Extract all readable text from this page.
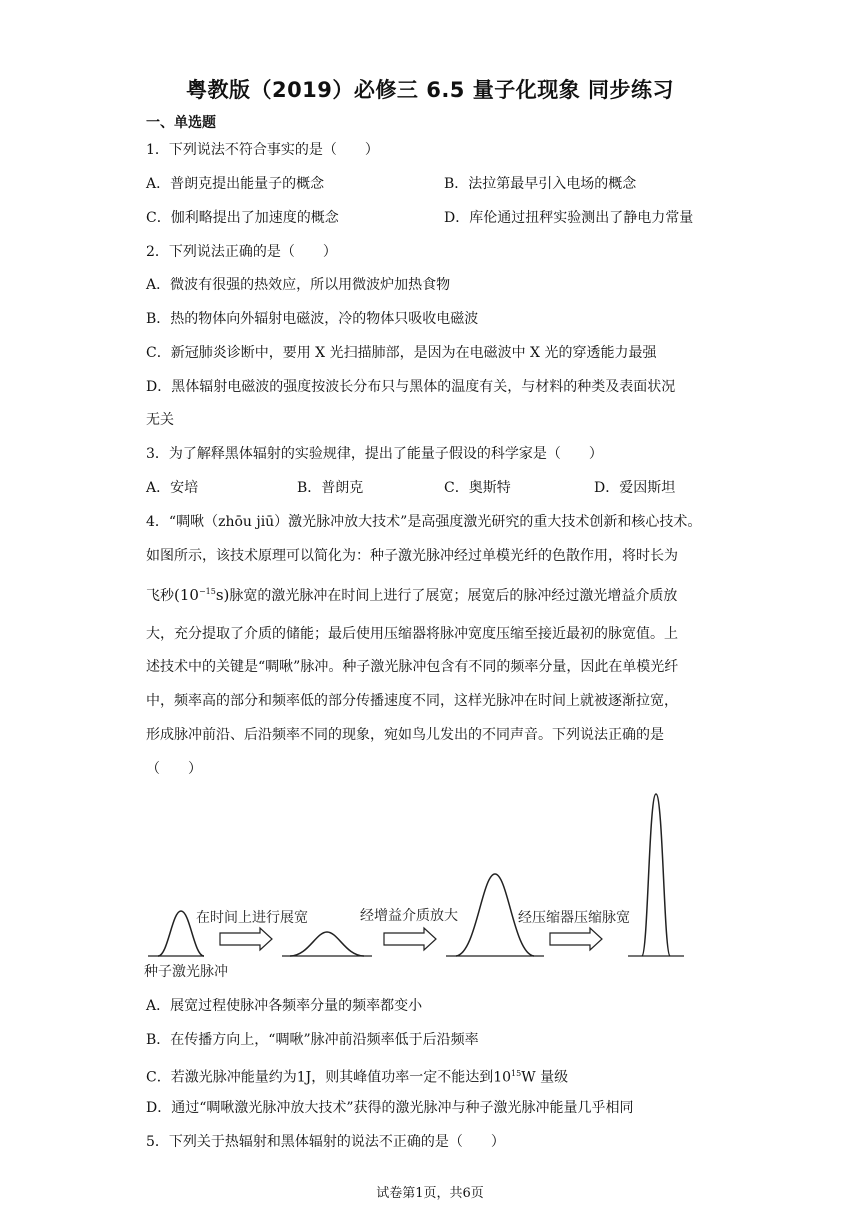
粤教版（2019）必修三 6.5 量子化现象 同步练习
一、单选题
1．下列说法不符合事实的是（　　）
A．普朗克提出能量子的概念	B．法拉第最早引入电场的概念
C．伽利略提出了加速度的概念	D．库伦通过扭秤实验测出了静电力常量
2．下列说法正确的是（　　）
A．微波有很强的热效应，所以用微波炉加热食物
B．热的物体向外辐射电磁波，冷的物体只吸收电磁波
C．新冠肺炎诊断中，要用 X 光扫描肺部，是因为在电磁波中 X 光的穿透能力最强
D．黑体辐射电磁波的强度按波长分布只与黑体的温度有关，与材料的种类及表面状况
无关
3．为了解释黑体辐射的实验规律，提出了能量子假设的科学家是（　　）
A．安培	B．普朗克	C．奥斯特	D．爱因斯坦
4．“啁啾（zhōu jiū）激光脉冲放大技术”是高强度激光研究的重大技术创新和核心技术。
如图所示，该技术原理可以简化为：种子激光脉冲经过单模光纤的色散作用，将时长为
飞秒$(10^{-15}s)$脉宽的激光脉冲在时间上进行了展宽；展宽后的脉冲经过激光增益介质放
大，充分提取了介质的储能；最后使用压缩器将脉冲宽度压缩至接近最初的脉宽值。上
述技术中的关键是“啁啾”脉冲。种子激光脉冲包含有不同的频率分量，因此在单模光纤
中，频率高的部分和频率低的部分传播速度不同，这样光脉冲在时间上就被逐渐拉宽，
形成脉冲前沿、后沿频率不同的现象，宛如鸟儿发出的不同声音。下列说法正确的是
（　　）
在时间上进行展宽	经增益介质放大	经压缩器压缩脉宽
种子激光脉冲
A．展宽过程使脉冲各频率分量的频率都变小
B．在传播方向上，“啁啾”脉冲前沿频率低于后沿频率
C．若激光脉冲能量约为1J，则其峰值功率一定不能达到$10^{15}W$ 量级
D．通过“啁啾激光脉冲放大技术”获得的激光脉冲与种子激光脉冲能量几乎相同
5．下列关于热辐射和黑体辐射的说法不正确的是（　　）
试卷第1页，共6页
